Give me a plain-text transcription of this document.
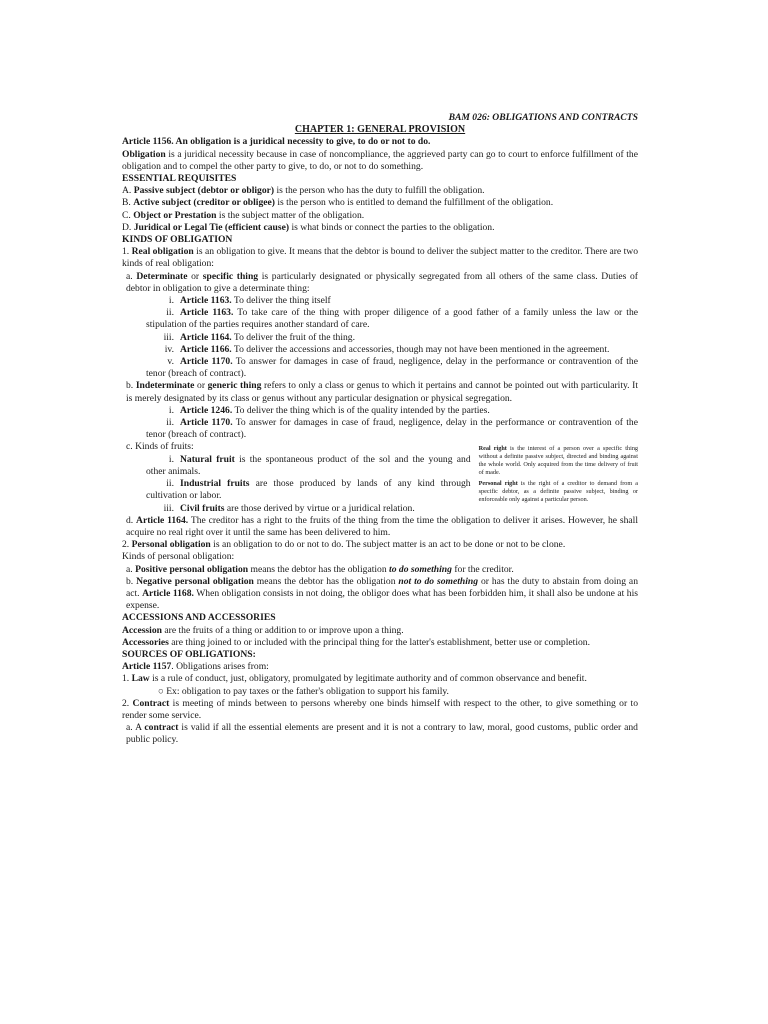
BAM 026: OBLIGATIONS AND CONTRACTS

CHAPTER 1: GENERAL PROVISION

Article 1156. An obligation is a juridical necessity to give, to do or not to do.

Obligation is a juridical necessity because in case of noncompliance, the aggrieved party can go to court to enforce fulfillment of the obligation and to compel the other party to give, to do, or not to do something.

ESSENTIAL REQUISITES

A. Passive subject (debtor or obligor) is the person who has the duty to fulfill the obligation.

B. Active subject (creditor or obligee) is the person who is entitled to demand the fulfillment of the obligation.

C. Object or Prestation is the subject matter of the obligation.

D. Juridical or Legal Tie (efficient cause) is what binds or connect the parties to the obligation.

KINDS OF OBLIGATION

1. Real obligation is an obligation to give. It means that the debtor is bound to deliver the subject matter to the creditor. There are two kinds of real obligation:

a. Determinate or specific thing is particularly designated or physically segregated from all others of the same class. Duties of debtor in obligation to give a determinate thing:

i. Article 1163. To deliver the thing itself

ii. Article 1163. To take care of the thing with proper diligence of a good father of a family unless the law or the stipulation of the parties requires another standard of care.

iii. Article 1164. To deliver the fruit of the thing.

iv. Article 1166. To deliver the accessions and accessories, though may not have been mentioned in the agreement.

v. Article 1170. To answer for damages in case of fraud, negligence, delay in the performance or contravention of the tenor (breach of contract).

b. Indeterminate or generic thing refers to only a class or genus to which it pertains and cannot be pointed out with particularity. It is merely designated by its class or genus without any particular designation or physical segregation.

i. Article 1246. To deliver the thing which is of the quality intended by the parties.

ii. Article 1170. To answer for damages in case of fraud, negligence, delay in the performance or contravention of the tenor (breach of contract).

c. Kinds of fruits:

i. Natural fruit is the spontaneous product of the sol and the young and other animals.

ii. Industrial fruits are those produced by lands of any kind through cultivation or labor.

iii. Civil fruits are those derived by virtue or a juridical relation.

Real right is the interest of a person over a specific thing without a definite passive subject, directed and binding against the whole world. Only acquired from the time delivery of fruit of made.

Personal right is the right of a creditor to demand from a specific debtor, as a definite passive subject, binding or enforceable only against a particular person.

d. Article 1164. The creditor has a right to the fruits of the thing from the time the obligation to deliver it arises. However, he shall acquire no real right over it until the same has been delivered to him.

2. Personal obligation is an obligation to do or not to do. The subject matter is an act to be done or not to be clone.

Kinds of personal obligation:

a. Positive personal obligation means the debtor has the obligation to do something for the creditor.

b. Negative personal obligation means the debtor has the obligation not to do something or has the duty to abstain from doing an act. Article 1168. When obligation consists in not doing, the obligor does what has been forbidden him, it shall also be undone at his expense.

ACCESSIONS AND ACCESSORIES

Accession are the fruits of a thing or addition to or improve upon a thing.

Accessories are thing joined to or included with the principal thing for the latter's establishment, better use or completion.

SOURCES OF OBLIGATIONS:

Article 1157. Obligations arises from:

1. Law is a rule of conduct, just, obligatory, promulgated by legitimate authority and of common observance and benefit.

○ Ex: obligation to pay taxes or the father's obligation to support his family.

2. Contract is meeting of minds between to persons whereby one binds himself with respect to the other, to give something or to render some service.

a. A contract is valid if all the essential elements are present and it is not a contrary to law, moral, good customs, public order and public policy.
